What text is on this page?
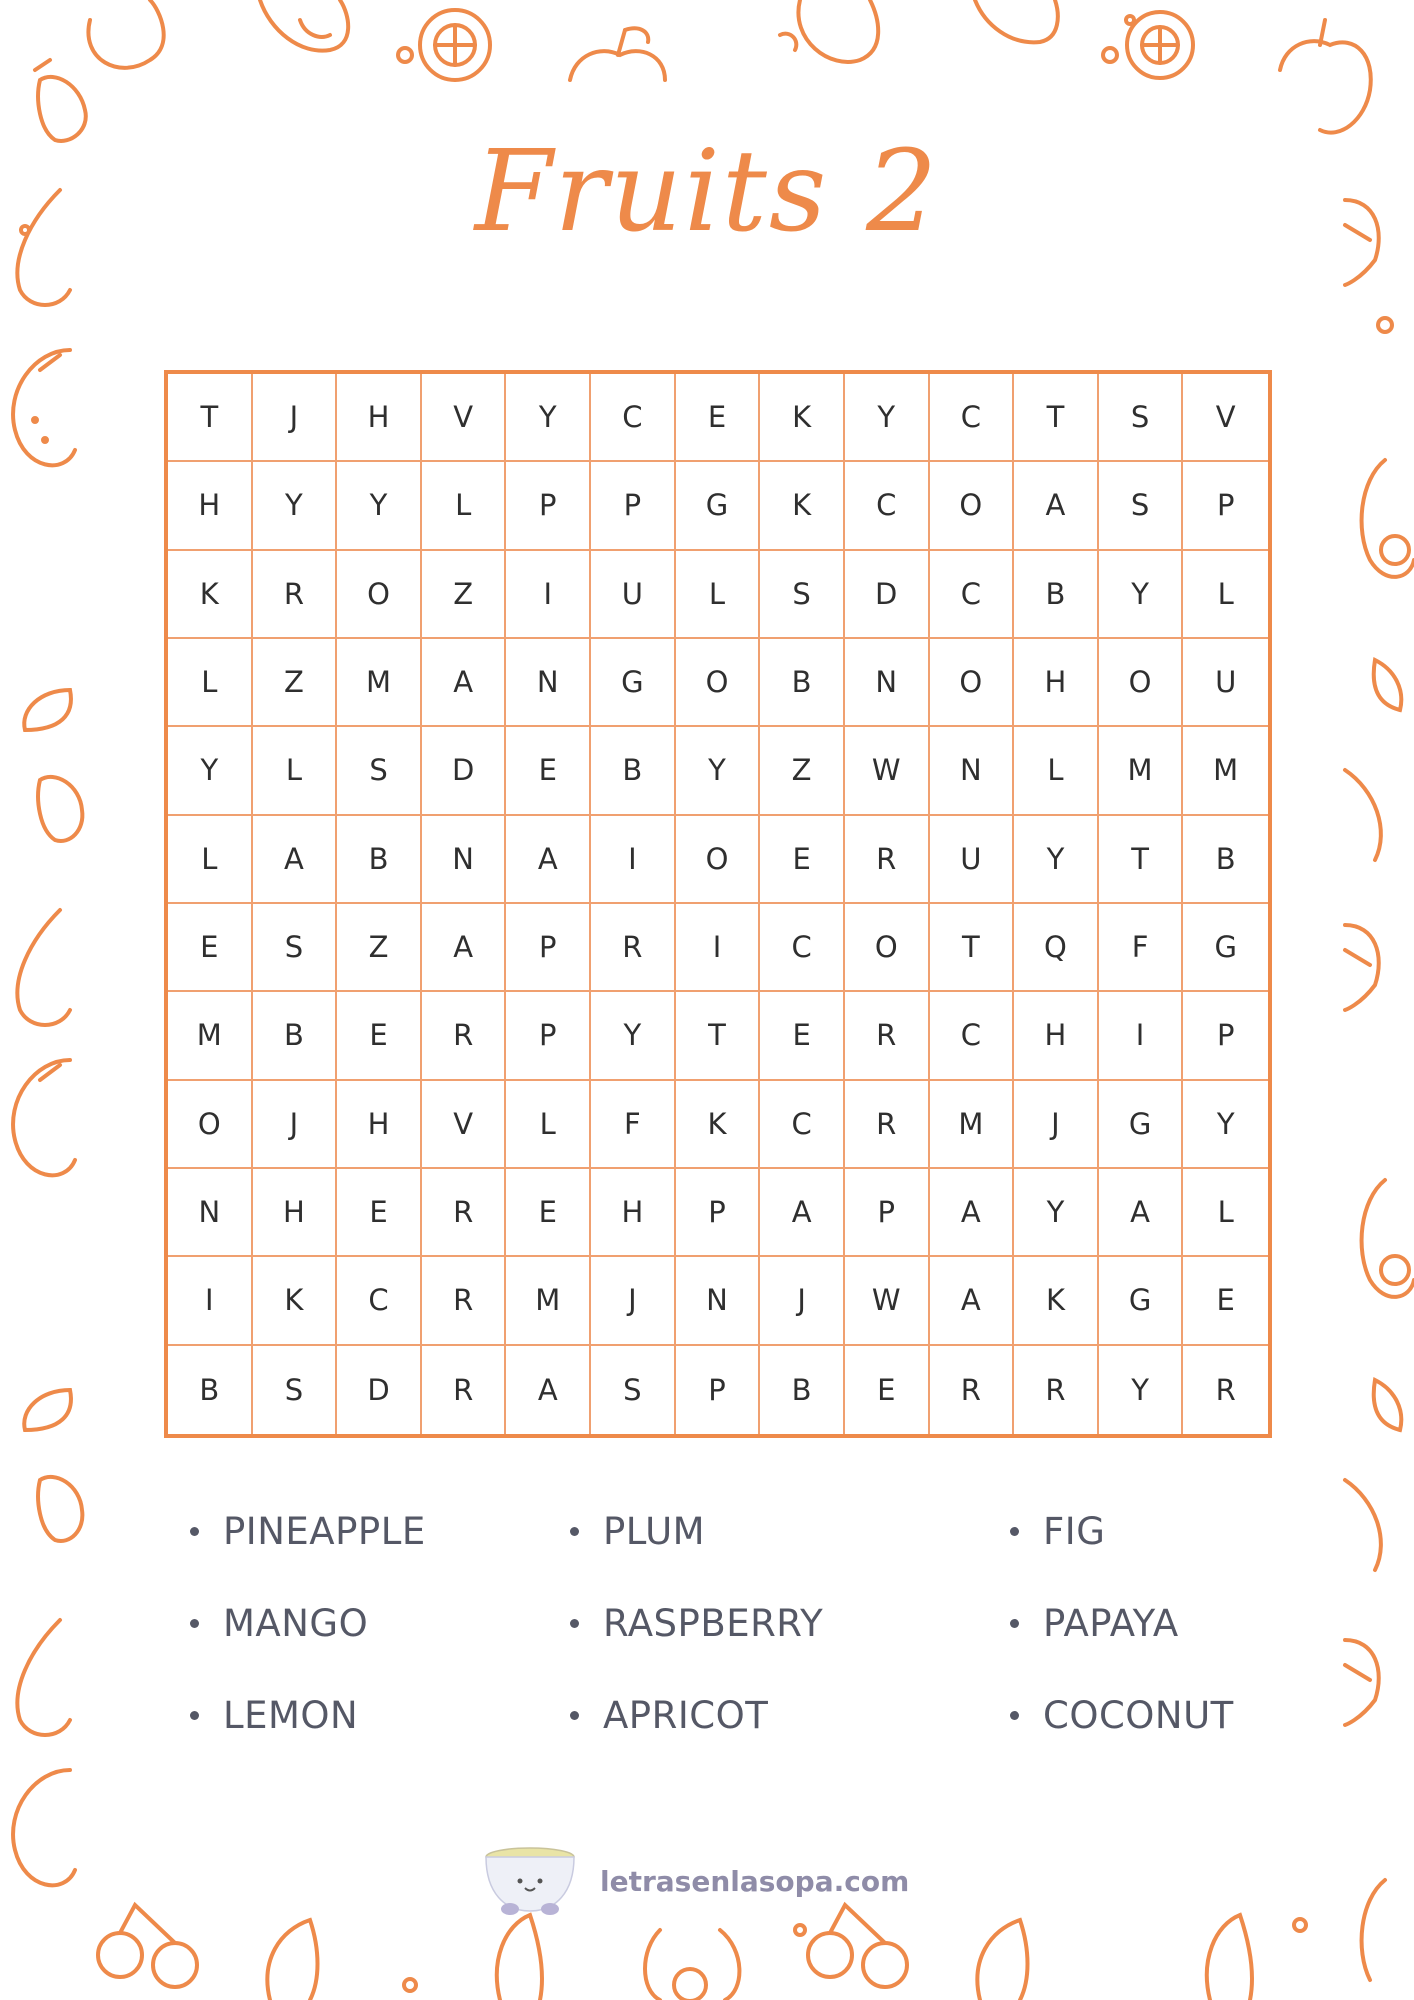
Fruits 2
T	J	H	V	Y	C	E	K	Y	C	T	S	V
H	Y	Y	L	P	P	G	K	C	O	A	S	P
K	R	O	Z	I	U	L	S	D	C	B	Y	L
L	Z	M	A	N	G	O	B	N	O	H	O	U
Y	L	S	D	E	B	Y	Z	W	N	L	M	M
L	A	B	N	A	I	O	E	R	U	Y	T	B
E	S	Z	A	P	R	I	C	O	T	Q	F	G
M	B	E	R	P	Y	T	E	R	C	H	I	P
O	J	H	V	L	F	K	C	R	M	J	G	Y
N	H	E	R	E	H	P	A	P	A	Y	A	L
I	K	C	R	M	J	N	J	W	A	K	G	E
B	S	D	R	A	S	P	B	E	R	R	Y	R
PINEAPPLE
MANGO
LEMON
PLUM
RASPBERRY
APRICOT
FIG
PAPAYA
COCONUT
letrasenlasopa.com
